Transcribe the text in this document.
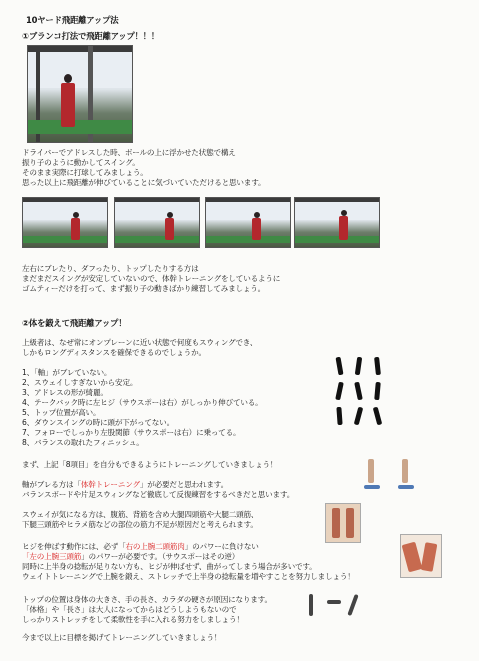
10ヤード飛距離アップ法
①ブランコ打法で飛距離アップ！！！
ドライバーでアドレスした時、ボールの上に浮かせた状態で構え
振り子のように動かしてスイング。
そのまま実際に打球してみましょう。
思った以上に飛距離が伸びていることに気づいていただけると思います。
左右にブレたり、ダフったり、トップしたりする方は
まだまだスイングが安定していないので、体幹トレーニングをしているように
ゴムティーだけを打って、まず振り子の動きばかり練習してみましょう。
②体を鍛えて飛距離アップ！
上級者は、なぜ常にオンプレーンに近い状態で何度もスウィングでき、
しかもロングディスタンスを確保できるのでしょうか。
1、「軸」がブレていない。
2、スウェイしすぎないから安定。
3、アドレスの形が綺麗。
4、テークバック時に左ヒジ（サウスポーは右）がしっかり伸びている。
5、トップ位置が高い。
6、ダウンスイングの時に頭が下がってない。
7、フォローでしっかり左股関節（サウスポーは右）に乗ってる。
8、バランスの取れたフィニッシュ。
まず、上記「8項目」を自分もできるようにトレーニングしていきましょう！
軸がブレる方は「体幹トレーニング」が必要だと思われます。
バランスボードや片足スウィングなど徹底して反復練習をするべきだと思います。
スウェイが気になる方は、腹筋、背筋を含め大腿四頭筋や大腿二頭筋、
下腿三頭筋やヒラメ筋などの部位の筋力不足が原因だと考えられます。
ヒジを伸ばす動作には、必ず「右の上腕二頭筋肉」のパワーに負けない
「左の上腕三頭筋」のパワーが必要です。（サウスポーはその逆）
同時に上半身の捻転が足りない方も、ヒジが伸ばせず、曲がってしまう場合が多いです。
ウェイトトレーニングで上腕を鍛え、ストレッチで上半身の捻転量を増やすことを努力しましょう！
トップの位置は身体の大きさ、手の長さ、カラダの硬さが原因になります。
「体格」や「長さ」は大人になってからはどうしようもないので
しっかりストレッチをして柔軟性を手に入れる努力をしましょう！
今まで以上に目標を掲げてトレーニングしていきましょう！
